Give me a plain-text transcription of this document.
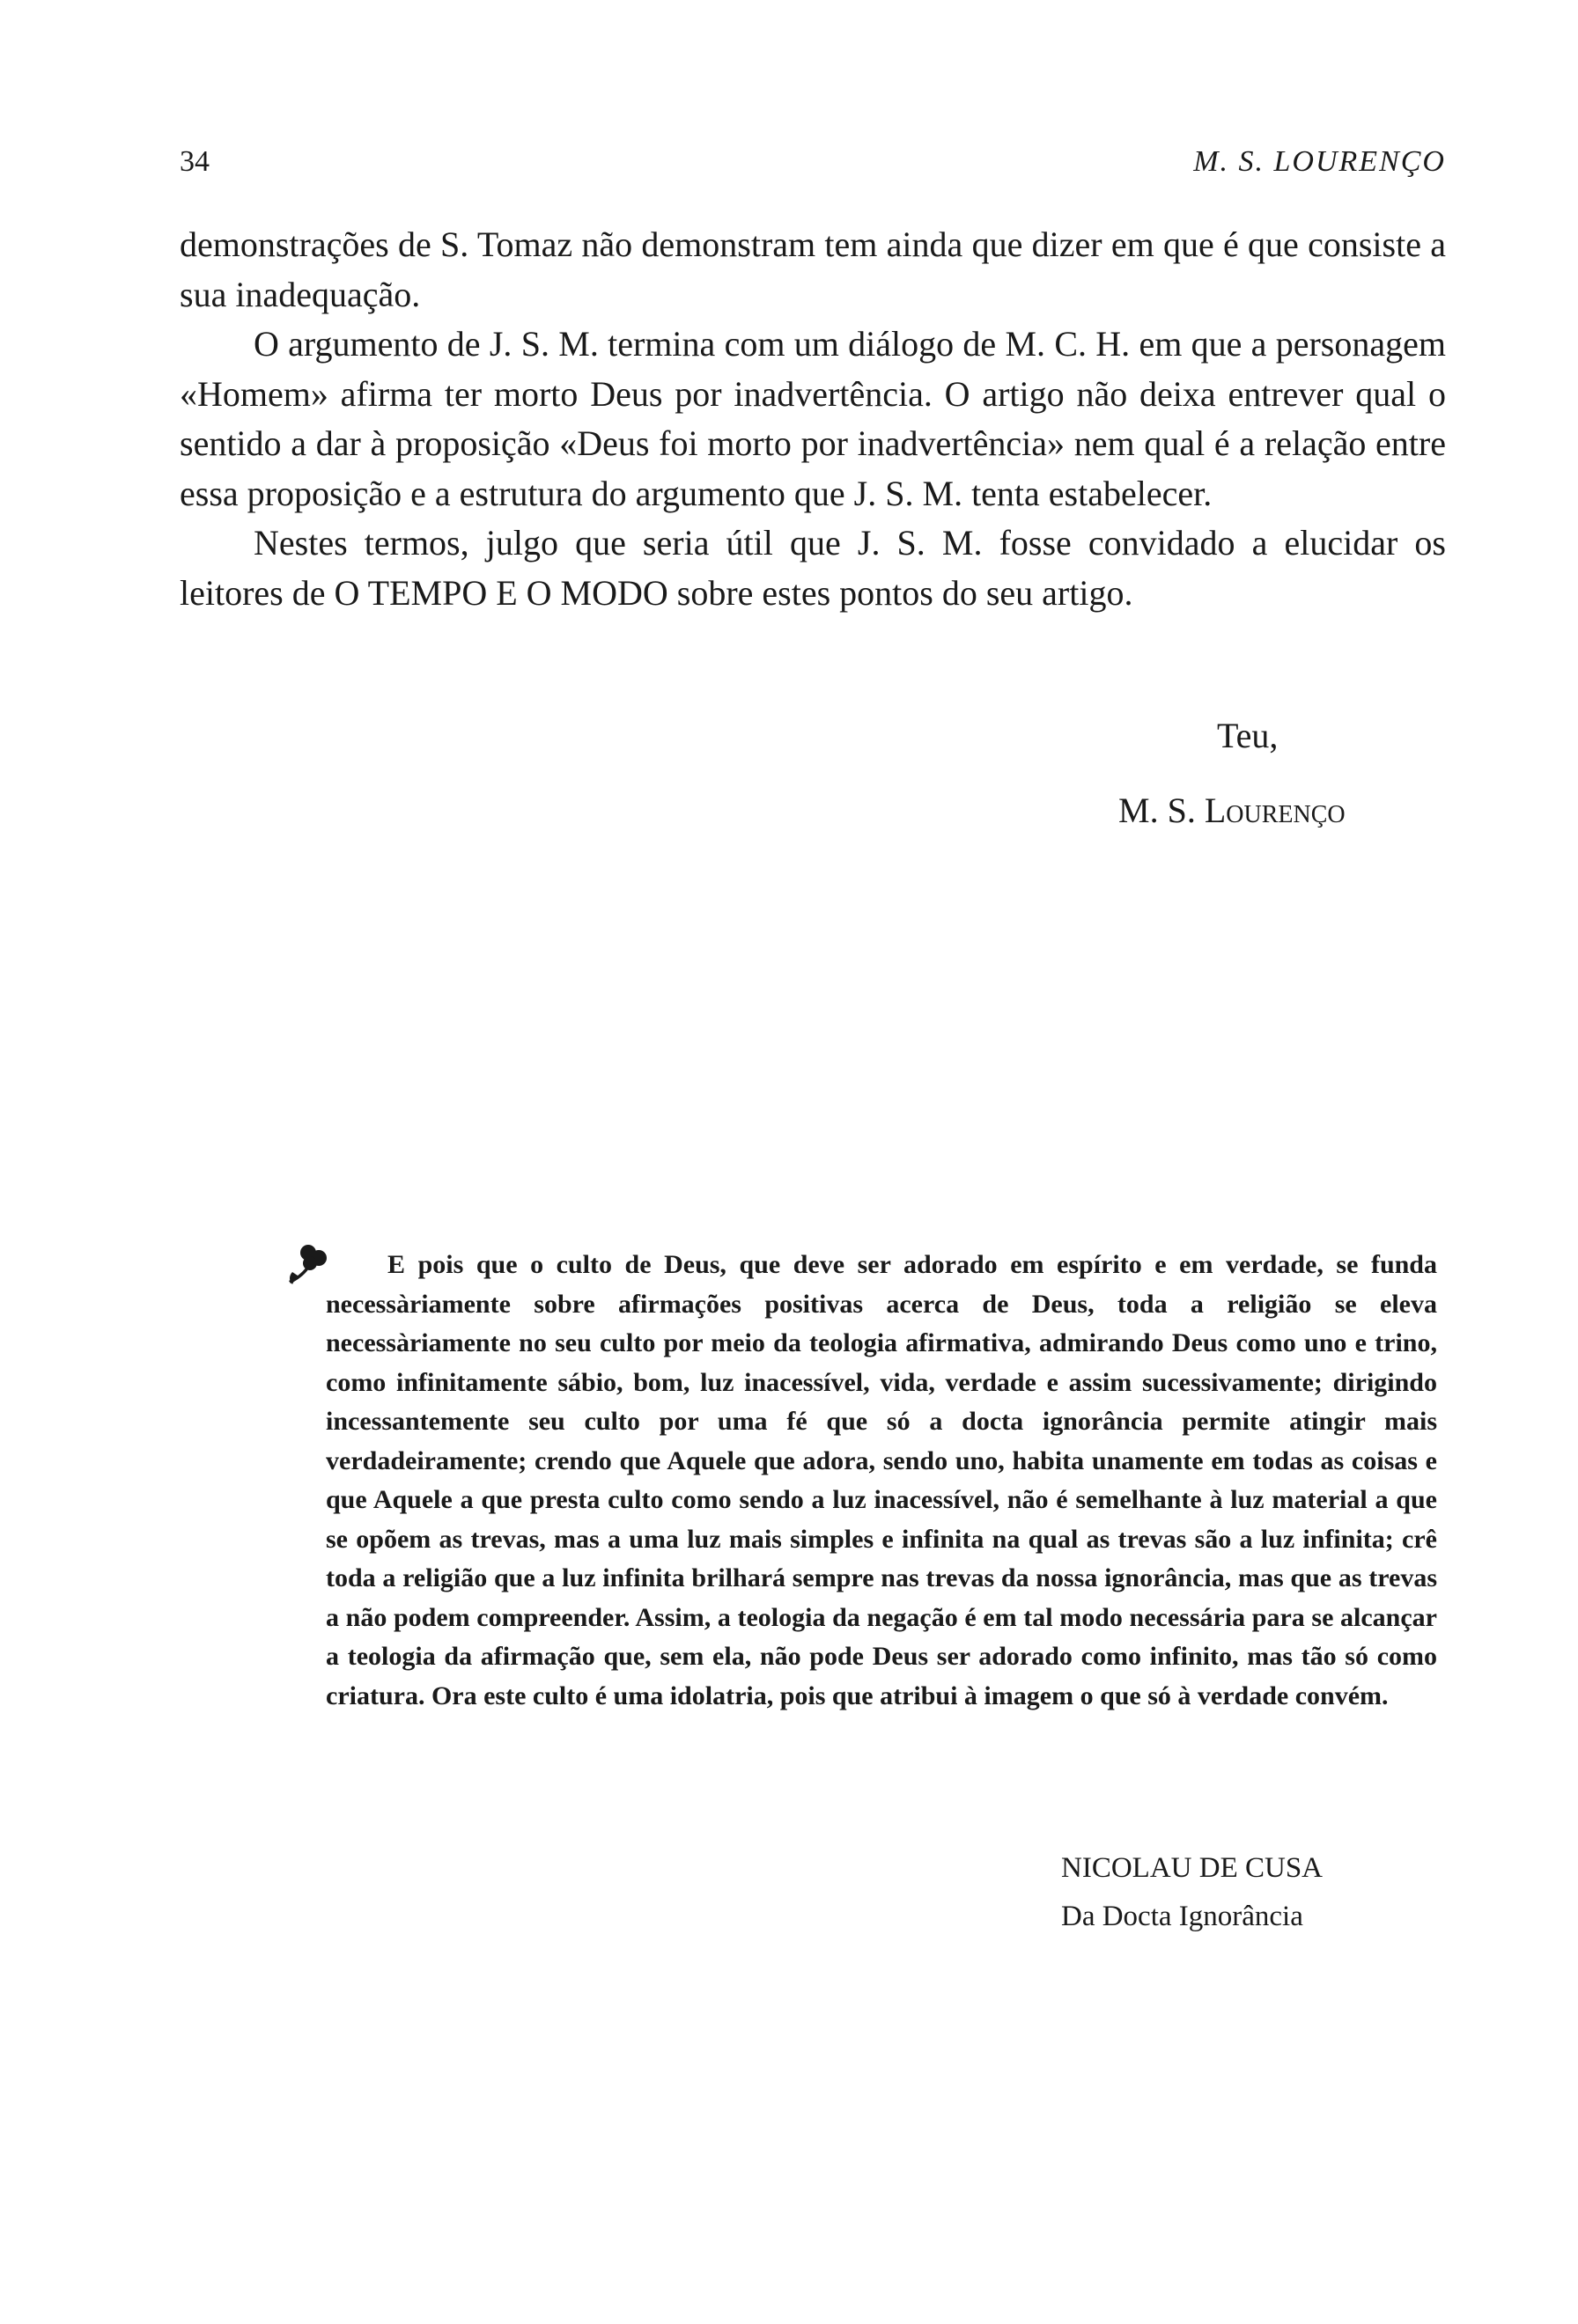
34	M. S. LOURENÇO

demonstrações de S. Tomaz não demonstram tem ainda que dizer em que é que consiste a sua inadequação.

O argumento de J. S. M. termina com um diálogo de M. C. H. em que a personagem «Homem» afirma ter morto Deus por inadvertência. O artigo não deixa entrever qual o sentido a dar à proposição «Deus foi morto por inadvertência» nem qual é a relação entre essa proposição e a estrutura do argumento que J. S. M. tenta estabelecer.

Nestes termos, julgo que seria útil que J. S. M. fosse convidado a elucidar os leitores de O TEMPO E O MODO sobre estes pontos do seu artigo.

Teu,
M. S. Lourenço

E pois que o culto de Deus, que deve ser adorado em espírito e em verdade, se funda necessàriamente sobre afirmações positivas acerca de Deus, toda a religião se eleva necessàriamente no seu culto por meio da teologia afirmativa, admirando Deus como uno e trino, como infinitamente sábio, bom, luz inacessível, vida, verdade e assim sucessivamente; dirigindo incessantemente seu culto por uma fé que só a docta ignorância permite atingir mais verdadeiramente; crendo que Aquele que adora, sendo uno, habita unamente em todas as coisas e que Aquele a que presta culto como sendo a luz inacessível, não é semelhante à luz material a que se opõem as trevas, mas a uma luz mais simples e infinita na qual as trevas são a luz infinita; crê toda a religião que a luz infinita brilhará sempre nas trevas da nossa ignorância, mas que as trevas a não podem compreender. Assim, a teologia da negação é em tal modo necessária para se alcançar a teologia da afirmação que, sem ela, não pode Deus ser adorado como infinito, mas tão só como criatura. Ora este culto é uma idolatria, pois que atribui à imagem o que só à verdade convém.

NICOLAU DE CUSA
Da Docta Ignorância
